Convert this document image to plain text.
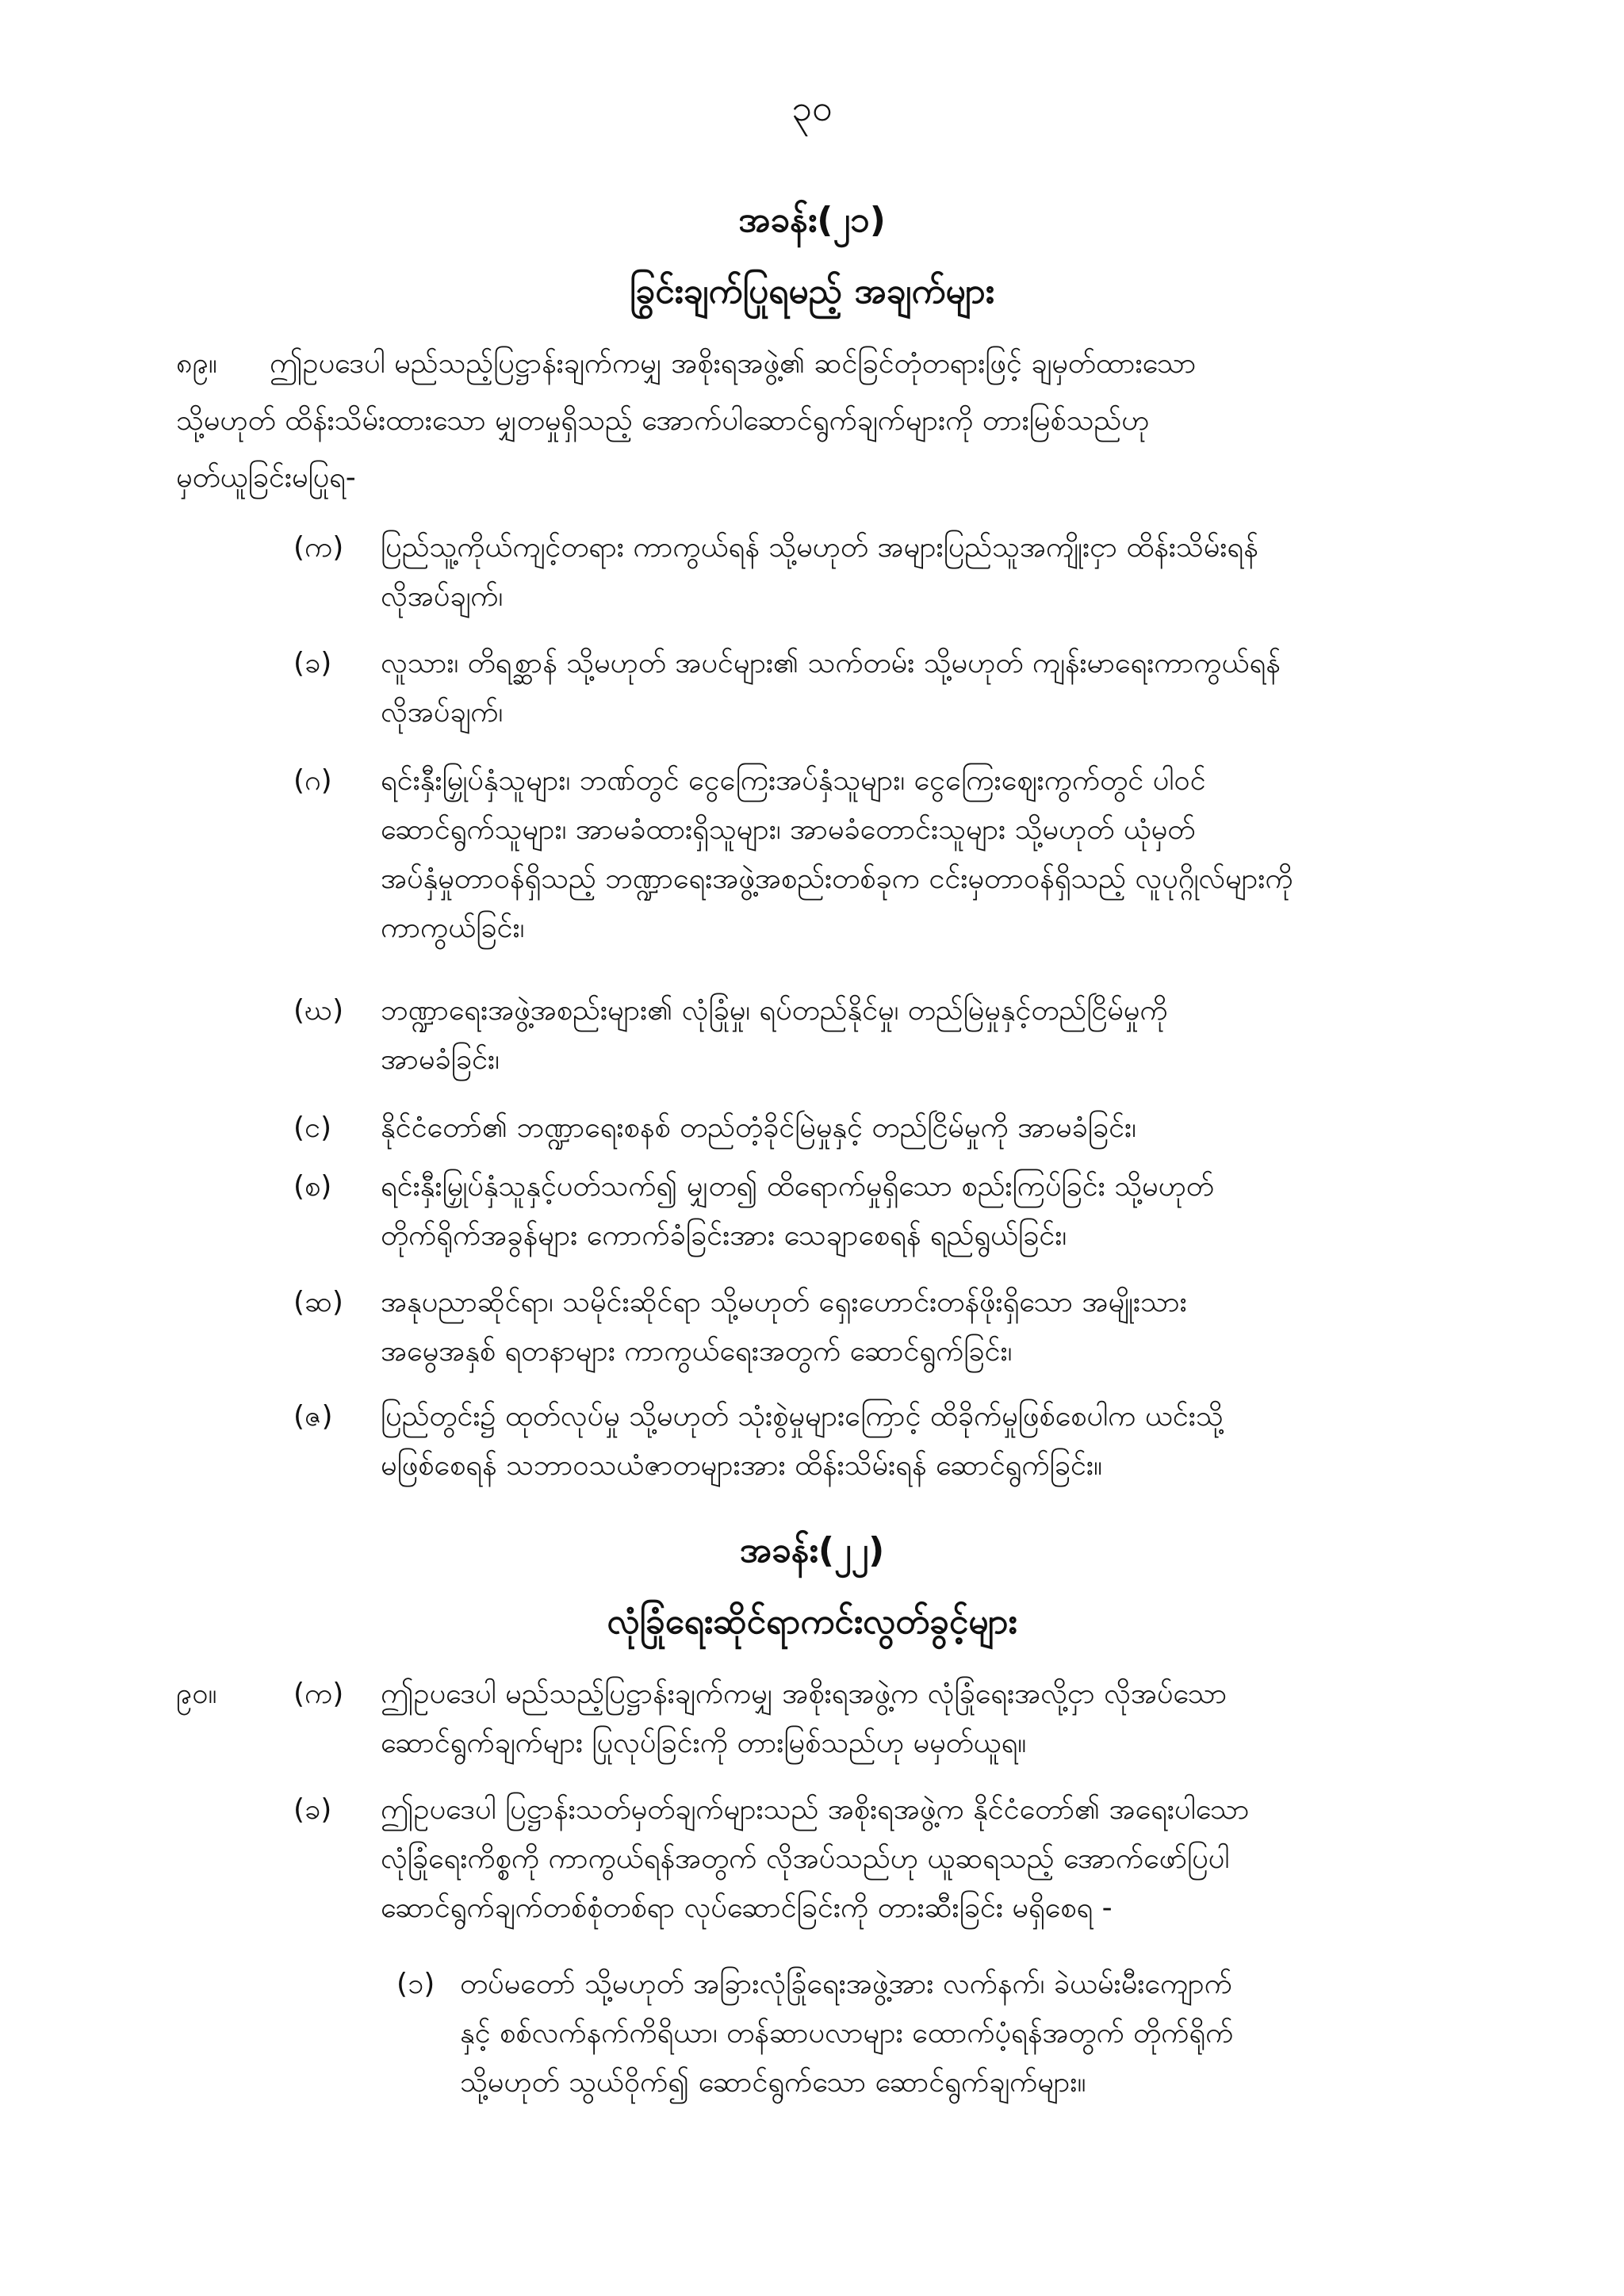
၃၀
အခန်း(၂၁)
ခြွင်းချက်ပြုရမည့် အချက်များ
၈၉။ ဤဥပဒေပါ မည်သည့်ပြဋ္ဌာန်းချက်ကမျှ အစိုးရအဖွဲ့၏ ဆင်ခြင်တုံတရားဖြင့် ချမှတ်ထားသော
သို့မဟုတ် ထိန်းသိမ်းထားသော မျှတမှုရှိသည့် အောက်ပါဆောင်ရွက်ချက်များကို တားမြစ်သည်ဟု
မှတ်ယူခြင်းမပြုရ-
(က) ပြည်သူ့ကိုယ်ကျင့်တရား ကာကွယ်ရန် သို့မဟုတ် အများပြည်သူအကျိုးငှာ ထိန်းသိမ်းရန်
လိုအပ်ချက်၊
(ခ) လူသား၊ တိရစ္ဆာန် သို့မဟုတ် အပင်များ၏ သက်တမ်း သို့မဟုတ် ကျန်းမာရေးကာကွယ်ရန်
လိုအပ်ချက်၊
(ဂ) ရင်းနှီးမြှုပ်နှံသူများ၊ ဘဏ်တွင် ငွေကြေးအပ်နှံသူများ၊ ငွေကြေးဈေးကွက်တွင် ပါဝင်
ဆောင်ရွက်သူများ၊ အာမခံထားရှိသူများ၊ အာမခံတောင်းသူများ သို့မဟုတ် ယုံမှတ်
အပ်နှံမှုတာဝန်ရှိသည့် ဘဏ္ဍာရေးအဖွဲ့အစည်းတစ်ခုက ငင်းမှတာဝန်ရှိသည့် လူပုဂ္ဂိုလ်များကို
ကာကွယ်ခြင်း၊
(ဃ) ဘဏ္ဍာရေးအဖွဲ့အစည်းများ၏ လုံခြုံမှု၊ ရပ်တည်နိုင်မှု၊ တည်မြဲမှုနှင့်တည်ငြိမ်မှုကို
အာမခံခြင်း၊
(င) နိုင်ငံတော်၏ ဘဏ္ဍာရေးစနစ် တည်တံ့ခိုင်မြဲမှုနှင့် တည်ငြိမ်မှုကို အာမခံခြင်း၊
(စ) ရင်းနှီးမြှုပ်နှံသူနှင့်ပတ်သက်၍ မျှတ၍ ထိရောက်မှုရှိသော စည်းကြပ်ခြင်း သို့မဟုတ်
တိုက်ရိုက်အခွန်များ ကောက်ခံခြင်းအား သေချာစေရန် ရည်ရွယ်ခြင်း၊
(ဆ) အနုပညာဆိုင်ရာ၊ သမိုင်းဆိုင်ရာ သို့မဟုတ် ရှေးဟောင်းတန်ဖိုးရှိသော အမျိုးသား
အမွေအနှစ် ရတနာများ ကာကွယ်ရေးအတွက် ဆောင်ရွက်ခြင်း၊
(ဇ) ပြည်တွင်း၌ ထုတ်လုပ်မှု သို့မဟုတ် သုံးစွဲမှုများကြောင့် ထိခိုက်မှုဖြစ်စေပါက ယင်းသို့
မဖြစ်စေရန် သဘာဝသယံဇာတများအား ထိန်းသိမ်းရန် ဆောင်ရွက်ခြင်း။
အခန်း(၂၂)
လုံခြုံရေးဆိုင်ရာကင်းလွတ်ခွင့်များ
၉၀။	(က) ဤဥပဒေပါ မည်သည့်ပြဋ္ဌာန်းချက်ကမျှ အစိုးရအဖွဲ့က လုံခြုံရေးအလို့ငှာ လိုအပ်သော
ဆောင်ရွက်ချက်များ ပြုလုပ်ခြင်းကို တားမြစ်သည်ဟု မမှတ်ယူရ။
(ခ) ဤဥပဒေပါ ပြဋ္ဌာန်းသတ်မှတ်ချက်များသည် အစိုးရအဖွဲ့က နိုင်ငံတော်၏ အရေးပါသော
လုံခြုံရေးကိစ္စကို ကာကွယ်ရန်အတွက် လိုအပ်သည်ဟု ယူဆရသည့် အောက်ဖော်ပြပါ
ဆောင်ရွက်ချက်တစ်စုံတစ်ရာ လုပ်ဆောင်ခြင်းကို တားဆီးခြင်း မရှိစေရ -
(၁) တပ်မတော် သို့မဟုတ် အခြားလုံခြုံရေးအဖွဲ့အား လက်နက်၊ ခဲယမ်းမီးကျောက်
နှင့် စစ်လက်နက်ကိရိယာ၊ တန်ဆာပလာများ ထောက်ပံ့ရန်အတွက် တိုက်ရိုက်
သို့မဟုတ် သွယ်ဝိုက်၍ ဆောင်ရွက်သော ဆောင်ရွက်ချက်များ။
